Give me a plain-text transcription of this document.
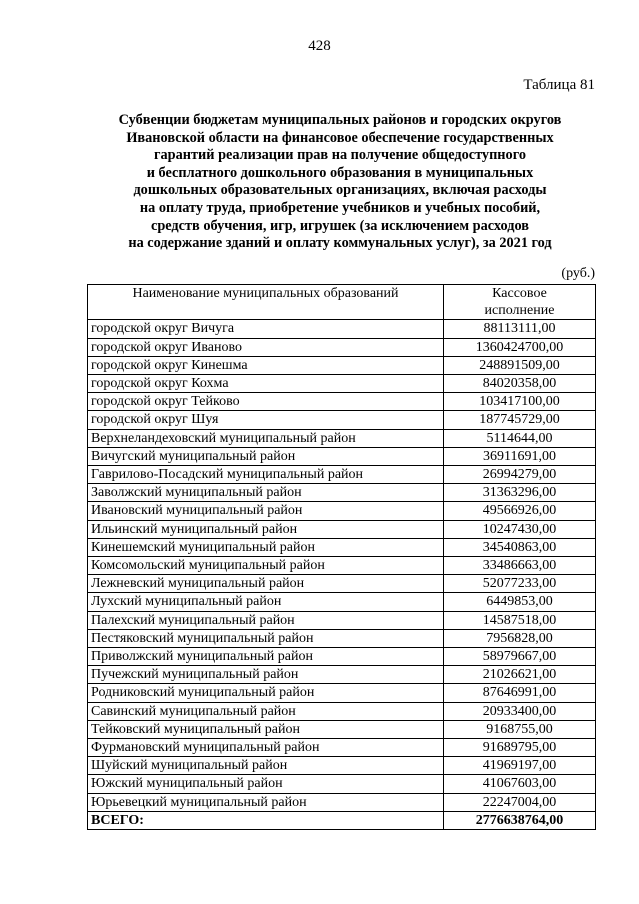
428
Таблица 81
Субвенции бюджетам муниципальных районов и городских округов
Ивановской области на финансовое обеспечение государственных
гарантий реализации прав на получение общедоступного
и бесплатного дошкольного образования в муниципальных
дошкольных образовательных организациях, включая расходы
на оплату труда, приобретение учебников и учебных пособий,
средств обучения, игр, игрушек (за исключением расходов
на содержание зданий и оплату коммунальных услуг), за 2021 год
(руб.)
Наименование муниципальных образований	Кассовое
исполнение
городской округ Вичуга	88113111,00
городской округ Иваново	1360424700,00
городской округ Кинешма	248891509,00
городской округ Кохма	84020358,00
городской округ Тейково	103417100,00
городской округ Шуя	187745729,00
Верхнеландеховский муниципальный район	5114644,00
Вичугский муниципальный район	36911691,00
Гаврилово-Посадский муниципальный район	26994279,00
Заволжский муниципальный район	31363296,00
Ивановский муниципальный район	49566926,00
Ильинский муниципальный район	10247430,00
Кинешемский муниципальный район	34540863,00
Комсомольский муниципальный район	33486663,00
Лежневский муниципальный район	52077233,00
Лухский муниципальный район	6449853,00
Палехский муниципальный район	14587518,00
Пестяковский муниципальный район	7956828,00
Приволжский муниципальный район	58979667,00
Пучежский муниципальный район	21026621,00
Родниковский муниципальный район	87646991,00
Савинский муниципальный район	20933400,00
Тейковский муниципальный район	9168755,00
Фурмановский муниципальный район	91689795,00
Шуйский муниципальный район	41969197,00
Южский муниципальный район	41067603,00
Юрьевецкий муниципальный район	22247004,00
ВСЕГО:	2776638764,00
